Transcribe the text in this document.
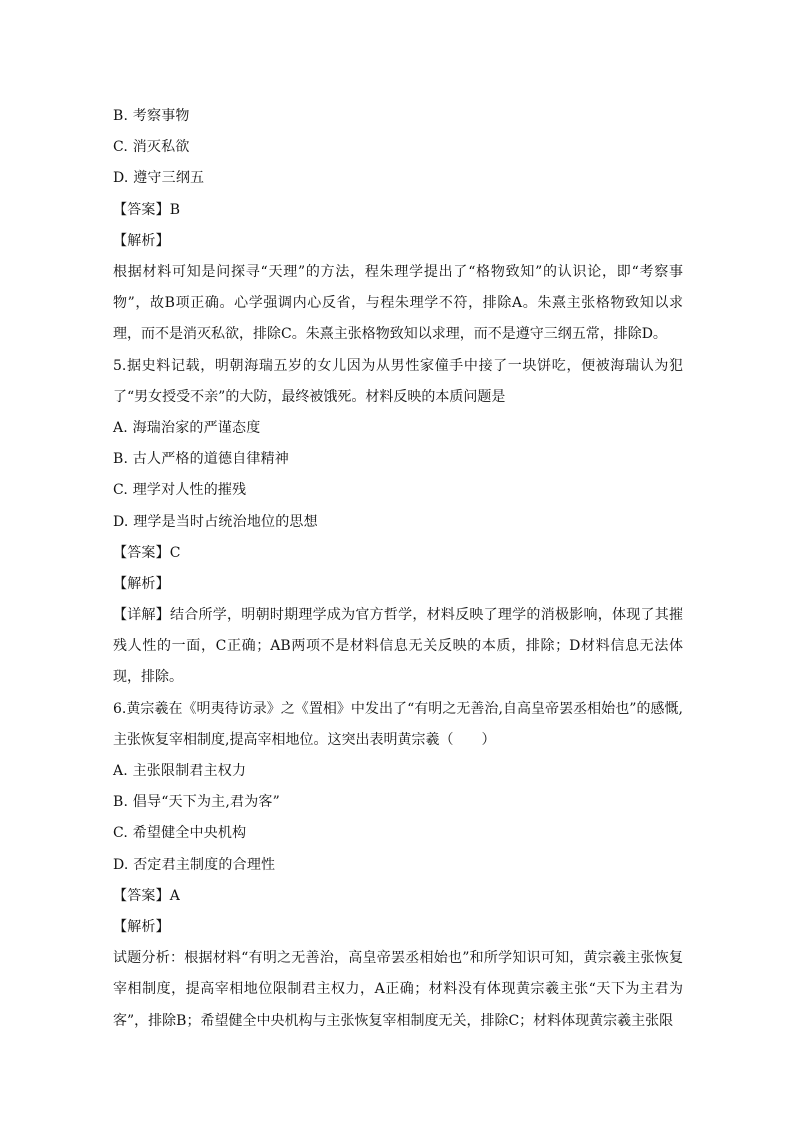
B. 考察事物
C. 消灭私欲
D. 遵守三纲五
【答案】B
【解析】
根据材料可知是问探寻“天理”的方法，程朱理学提出了“格物致知”的认识论，即“考察事物”，故B项正确。心学强调内心反省，与程朱理学不符，排除A。朱熹主张格物致知以求理，而不是消灭私欲，排除C。朱熹主张格物致知以求理，而不是遵守三纲五常，排除D。
5.据史料记载，明朝海瑞五岁的女儿因为从男性家僮手中接了一块饼吃，便被海瑞认为犯了“男女授受不亲”的大防，最终被饿死。材料反映的本质问题是
A. 海瑞治家的严谨态度
B. 古人严格的道德自律精神
C. 理学对人性的摧残
D. 理学是当时占统治地位的思想
【答案】C
【解析】
【详解】结合所学，明朝时期理学成为官方哲学，材料反映了理学的消极影响，体现了其摧残人性的一面，C正确；AB两项不是材料信息无关反映的本质，排除；D材料信息无法体现，排除。
6.黄宗羲在《明夷待访录》之《置相》中发出了“有明之无善治,自高皇帝罢丞相始也”的感慨,主张恢复宰相制度,提高宰相地位。这突出表明黄宗羲（　　）
A. 主张限制君主权力
B. 倡导“天下为主,君为客”
C. 希望健全中央机构
D. 否定君主制度的合理性
【答案】A
【解析】
试题分析：根据材料“有明之无善治，高皇帝罢丞相始也”和所学知识可知，黄宗羲主张恢复宰相制度，提高宰相地位限制君主权力，A正确；材料没有体现黄宗羲主张“天下为主君为客”，排除B；希望健全中央机构与主张恢复宰相制度无关，排除C；材料体现黄宗羲主张限
